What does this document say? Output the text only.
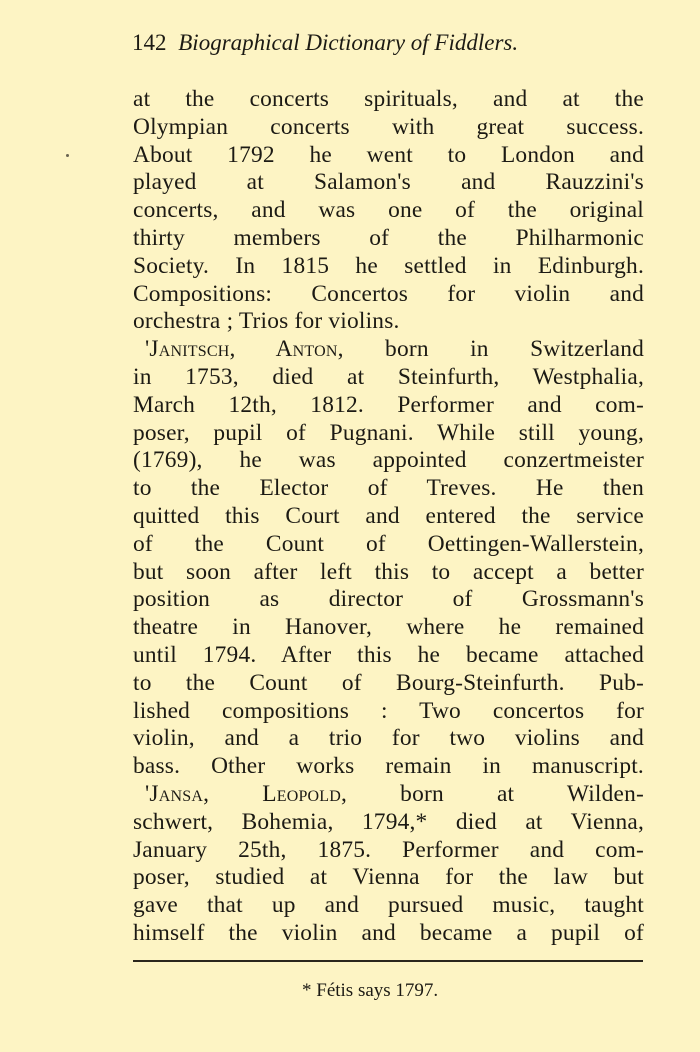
142 Biographical Dictionary of Fiddlers.
at the concerts spirituals, and at the
Olympian concerts with great success.
About 1792 he went to London and
played at Salamon's and Rauzzini's
concerts, and was one of the original
thirty members of the Philharmonic
Society. In 1815 he settled in Edinburgh.
Compositions: Concertos for violin and
orchestra ; Trios for violins.
'Janitsch, Anton, born in Switzerland
in 1753, died at Steinfurth, Westphalia,
March 12th, 1812. Performer and com-
poser, pupil of Pugnani. While still young,
(1769), he was appointed conzertmeister
to the Elector of Treves. He then
quitted this Court and entered the service
of the Count of Oettingen-Wallerstein,
but soon after left this to accept a better
position as director of Grossmann's
theatre in Hanover, where he remained
until 1794. After this he became attached
to the Count of Bourg-Steinfurth. Pub-
lished compositions : Two concertos for
violin, and a trio for two violins and
bass. Other works remain in manuscript.
'Jansa, Leopold, born at Wilden-
schwert, Bohemia, 1794,* died at Vienna,
January 25th, 1875. Performer and com-
poser, studied at Vienna for the law but
gave that up and pursued music, taught
himself the violin and became a pupil of
* Fétis says 1797.
